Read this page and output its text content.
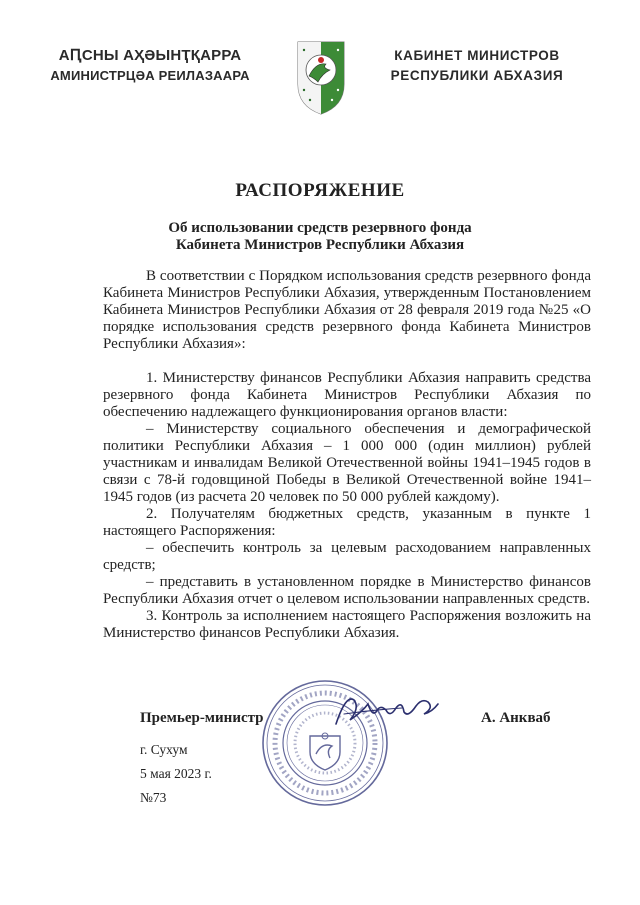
АԤСНЫ АҲӘЫНҬҚАРРА
АМИНИСТРЦӘА РЕИЛАЗААРА
КАБИНЕТ МИНИСТРОВ
РЕСПУБЛИКИ АБХАЗИЯ
РАСПОРЯЖЕНИЕ
Об использовании средств резервного фонда
Кабинета Министров Республики Абхазия

В соответствии с Порядком использования средств резервного фонда Кабинета Министров Республики Абхазия, утвержденным Постановлением Кабинета Министров Республики Абхазия от 28 февраля 2019 года №25 «О порядке использования средств резервного фонда Кабинета Министров Республики Абхазия»:

1. Министерству финансов Республики Абхазия направить средства резервного фонда Кабинета Министров Республики Абхазия по обеспечению надлежащего функционирования органов власти:

– Министерству социального обеспечения и демографической политики Республики Абхазия – 1 000 000 (один миллион) рублей участникам и инвалидам Великой Отечественной войны 1941–1945 годов в связи с 78-й годовщиной Победы в Великой Отечественной войне 1941–1945 годов (из расчета 20 человек по 50 000 рублей каждому).

2. Получателям бюджетных средств, указанным в пункте 1 настоящего Распоряжения:

– обеспечить контроль за целевым расходованием направленных средств;

– представить в установленном порядке в Министерство финансов Республики Абхазия отчет о целевом использовании направленных средств.

3. Контроль за исполнением настоящего Распоряжения возложить на Министерство финансов Республики Абхазия.

Премьер-министр	А. Анкваб
г. Сухум
5 мая 2023 г.
№73
